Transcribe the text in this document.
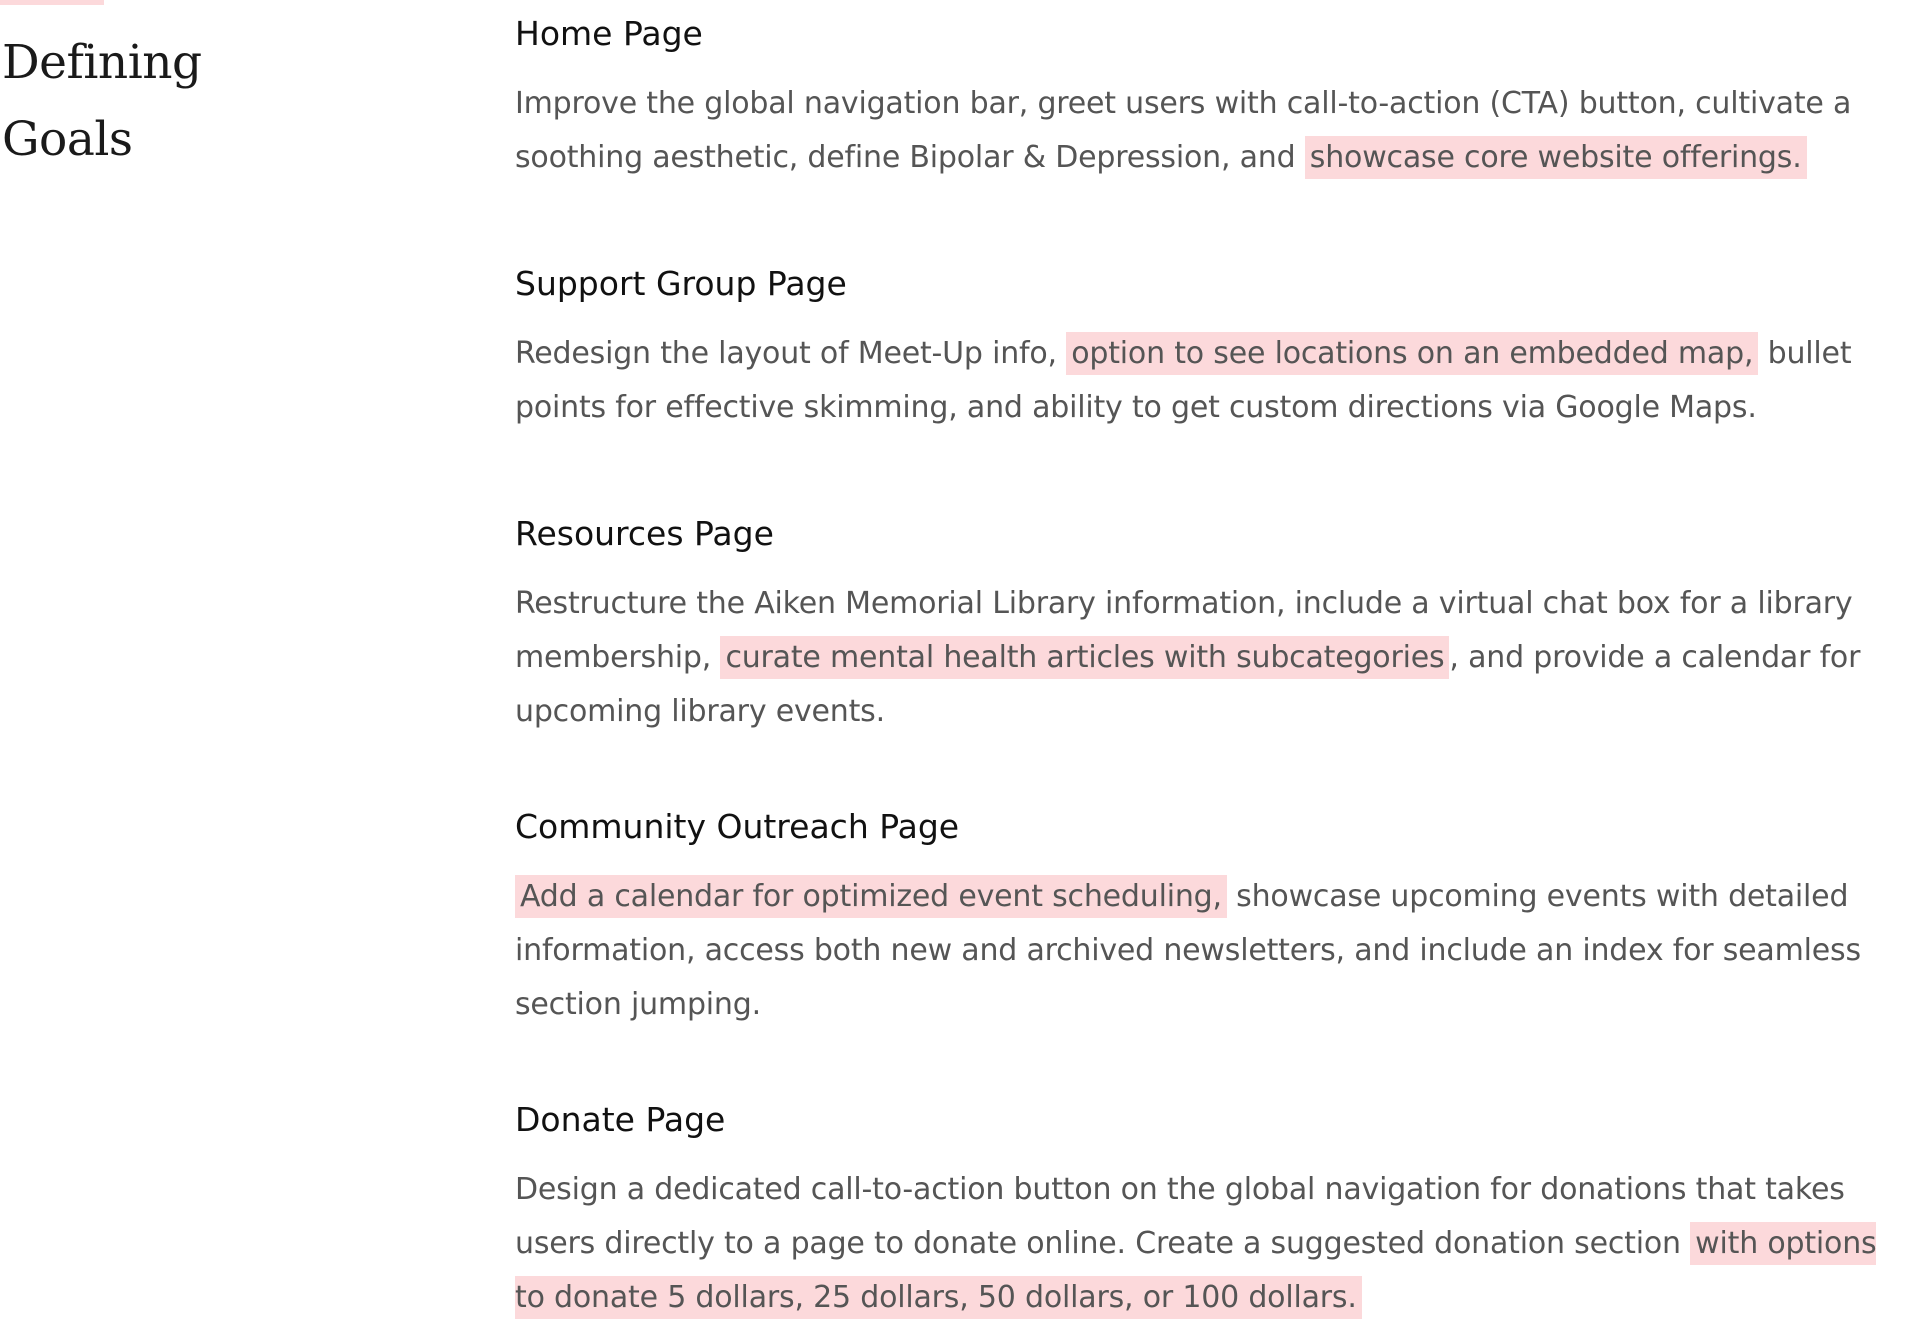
Defining
Goals
Home Page

Improve the global navigation bar, greet users with call-to-action (CTA) button, cultivate a soothing aesthetic, define Bipolar & Depression, and showcase core website offerings.

Support Group Page

Redesign the layout of Meet-Up info, option to see locations on an embedded map, bullet points for effective skimming, and ability to get custom directions via Google Maps.

Resources Page

Restructure the Aiken Memorial Library information, include a virtual chat box for a library membership, curate mental health articles with subcategories , and provide a calendar for upcoming library events.

Community Outreach Page

Add a calendar for optimized event scheduling, showcase upcoming events with detailed information, access both new and archived newsletters, and include an index for seamless section jumping.

Donate Page

Design a dedicated call-to-action button on the global navigation for donations that takes users directly to a page to donate online. Create a suggested donation section with options to donate 5 dollars, 25 dollars, 50 dollars, or 100 dollars.
